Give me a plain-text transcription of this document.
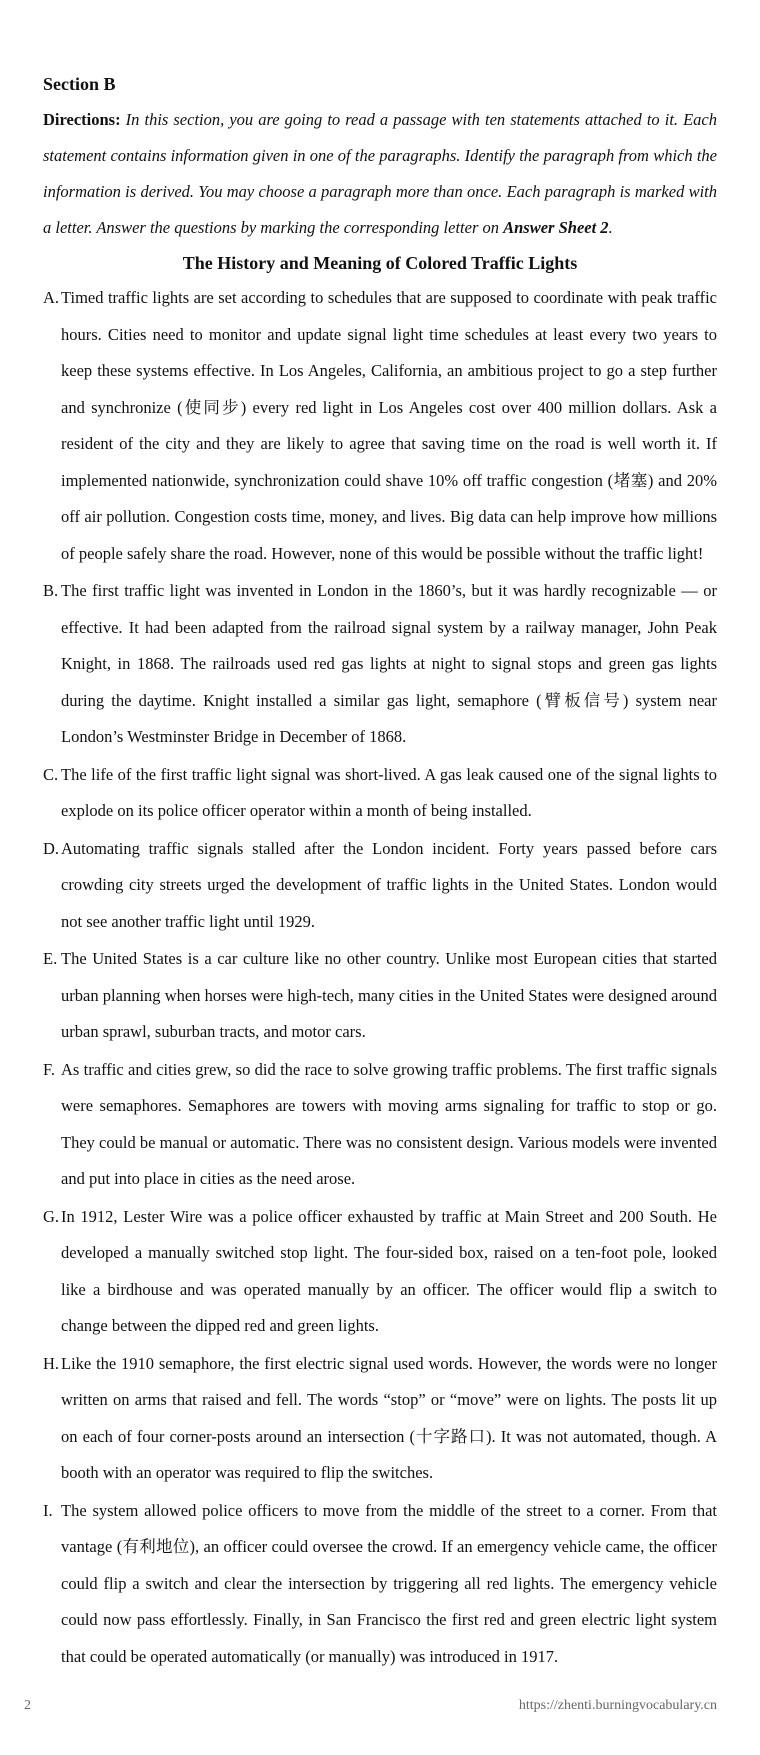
Section B

Directions: In this section, you are going to read a passage with ten statements attached to it. Each statement contains information given in one of the paragraphs. Identify the paragraph from which the information is derived. You may choose a paragraph more than once. Each paragraph is marked with a letter. Answer the questions by marking the corresponding letter on Answer Sheet 2.

The History and Meaning of Colored Traffic Lights

A. Timed traffic lights are set according to schedules that are supposed to coordinate with peak traffic hours. Cities need to monitor and update signal light time schedules at least every two years to keep these systems effective. In Los Angeles, California, an ambitious project to go a step further and synchronize (使同步) every red light in Los Angeles cost over 400 million dollars. Ask a resident of the city and they are likely to agree that saving time on the road is well worth it. If implemented nationwide, synchronization could shave 10% off traffic congestion (堵塞) and 20% off air pollution. Congestion costs time, money, and lives. Big data can help improve how millions of people safely share the road. However, none of this would be possible without the traffic light!

B. The first traffic light was invented in London in the 1860’s, but it was hardly recognizable — or effective. It had been adapted from the railroad signal system by a railway manager, John Peak Knight, in 1868. The railroads used red gas lights at night to signal stops and green gas lights during the daytime. Knight installed a similar gas light, semaphore (臂板信号) system near London’s Westminster Bridge in December of 1868.

C. The life of the first traffic light signal was short-lived. A gas leak caused one of the signal lights to explode on its police officer operator within a month of being installed.

D. Automating traffic signals stalled after the London incident. Forty years passed before cars crowding city streets urged the development of traffic lights in the United States. London would not see another traffic light until 1929.

E. The United States is a car culture like no other country. Unlike most European cities that started urban planning when horses were high-tech, many cities in the United States were designed around urban sprawl, suburban tracts, and motor cars.

F. As traffic and cities grew, so did the race to solve growing traffic problems. The first traffic signals were semaphores. Semaphores are towers with moving arms signaling for traffic to stop or go. They could be manual or automatic. There was no consistent design. Various models were invented and put into place in cities as the need arose.

G. In 1912, Lester Wire was a police officer exhausted by traffic at Main Street and 200 South. He developed a manually switched stop light. The four-sided box, raised on a ten-foot pole, looked like a birdhouse and was operated manually by an officer. The officer would flip a switch to change between the dipped red and green lights.

H. Like the 1910 semaphore, the first electric signal used words. However, the words were no longer written on arms that raised and fell. The words “stop” or “move” were on lights. The posts lit up on each of four corner-posts around an intersection (十字路口). It was not automated, though. A booth with an operator was required to flip the switches.

I. The system allowed police officers to move from the middle of the street to a corner. From that vantage (有利地位), an officer could oversee the crowd. If an emergency vehicle came, the officer could flip a switch and clear the intersection by triggering all red lights. The emergency vehicle could now pass effortlessly. Finally, in San Francisco the first red and green electric light system that could be operated automatically (or manually) was introduced in 1917.

2	https://zhenti.burningvocabulary.cn
